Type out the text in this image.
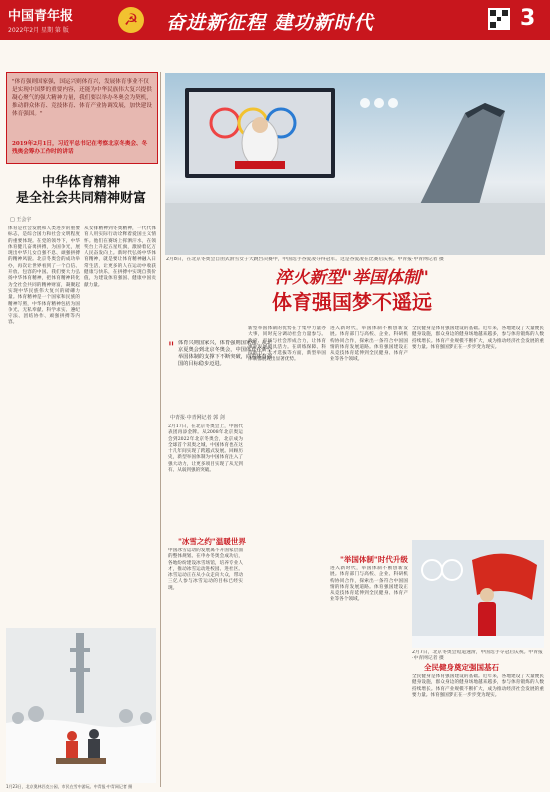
中国青年报
2022年2月 星期 第 版
☭	奋进新征程 建功新时代	3
"体育强则国家强，国运兴则体育兴，发展体育事业不仅是实现中国梦的重要内容，还能为中华民族伟大复兴提供凝心聚气的强大精神力量，我们要以举办冬奥会为契机，推动群众体育、竞技体育、体育产业协调发展，加快建设体育强国。"
2019年2月1日，习近平总书记在考察北京冬奥会、冬残奥会筹办工作时的讲话
中华体育精神
是全社会共同精神财富
□ 王会宇
体育是社会发展和人类进步的重要标志，是综合国力和社会文明程度的重要体现。在党的领导下，中华体育健儿奋勇拼搏，为国争光，展现出中华儿女自强不息、顽强拼搏的精神风貌。北京冬奥会的成功举办，再次让世界看到了一个自信、开放、包容的中国。我们要大力弘扬中华体育精神，把体育精神转化为全社会共同的精神财富，凝聚起实现中华民族伟大复兴的磅礴力量。体育精神是一个国家和民族的精神写照，中华体育精神包括为国争光、无私奉献、科学求实、遵纪守法、团结协作、顽强拼搏等内容。
从女排精神到冬奥精神，一代代体育人用实际行动诠释着爱国主义情怀。他们在赛场上挥洒汗水，在领奖台上升起五星红旗，激励着亿万人民奋发向上。新时代弘扬中华体育精神，就是要让体育精神融入日常生活，让更多的人在运动中收获健康与快乐，在拼搏中实现自我价值，为建设体育强国、健康中国贡献力量。
2月8日，在北京冬奥会自由式滑雪女子大跳台决赛中，中国选手谷爱凌夺得冠军。这是谷爱凌在比赛后庆祝。中青报·中青网记者 摄
淬火新型"举国体制"
体育强国梦不遥远
体育兴则国家兴，体育强则国家强。从北京夏奥会到北京冬奥会，中国体育在新型举国体制的支撑下不断突破，向着体育强国的目标稳步迈进。
"
中青报·中青网记者 郭 剑
2月17日，在北京冬奥会上，中国代表团再添金牌。从2008年北京奥运会到2022年北京冬奥会，北京成为全球首个双奥之城，中国体育也在这十几年间实现了跨越式发展。回顾历史，新型举国体制为中国体育注入了强大动力，让更多项目实现了从无到有、从弱到强的突破。
"冰雪之约"温暖世界
中国冰雪运动的发展离不开国家层面的整体规划。在申办冬奥会成功后，各地纷纷建设冰雪场馆，培养专业人才，推动冰雪运动进校园、进社区。冰雪运动正在从小众走向大众，带动三亿人参与冰雪运动的目标已经实现。
新型举国体制的优势在于集中力量办大事，同时充分调动社会力量参与。政府、市场与社会形成合力，让体育事业发展更具活力。在训练保障、科技助力、人才选拔等方面，新型举国体制都展现出显著优势。
进入新时代，举国体制不断创新发展。体育部门与高校、企业、科研机构协同合作，探索出一条符合中国国情的体育发展道路。体育强国建设正从竞技体育延伸到全民健身、体育产业等各个领域。
"举国体制"时代升级
进入新时代，举国体制不断创新发展。体育部门与高校、企业、科研机构协同合作，探索出一条符合中国国情的体育发展道路。体育强国建设正从竞技体育延伸到全民健身、体育产业等各个领域。
全民健身是体育强国建设的基础。近年来，各地建设了大量便民健身设施，群众身边的健身场地越来越多，参与体育锻炼的人数持续增长。体育产业规模不断扩大，成为推动经济社会发展的重要力量。体育强国梦正在一步步变为现实。
全民健身奠定强国基石
全民健身是体育强国建设的基础。近年来，各地建设了大量便民健身设施，群众身边的健身场地越来越多，参与体育锻炼的人数持续增长。体育产业规模不断扩大，成为推动经济社会发展的重要力量。体育强国梦正在一步步变为现实。
2月7日，北京冬奥会短道速滑，中国选手夺冠后庆祝。中青报·中青网记者 摄
1月23日，北京奥林匹克公园，市民在雪中游玩。中青报·中青网记者 摄
